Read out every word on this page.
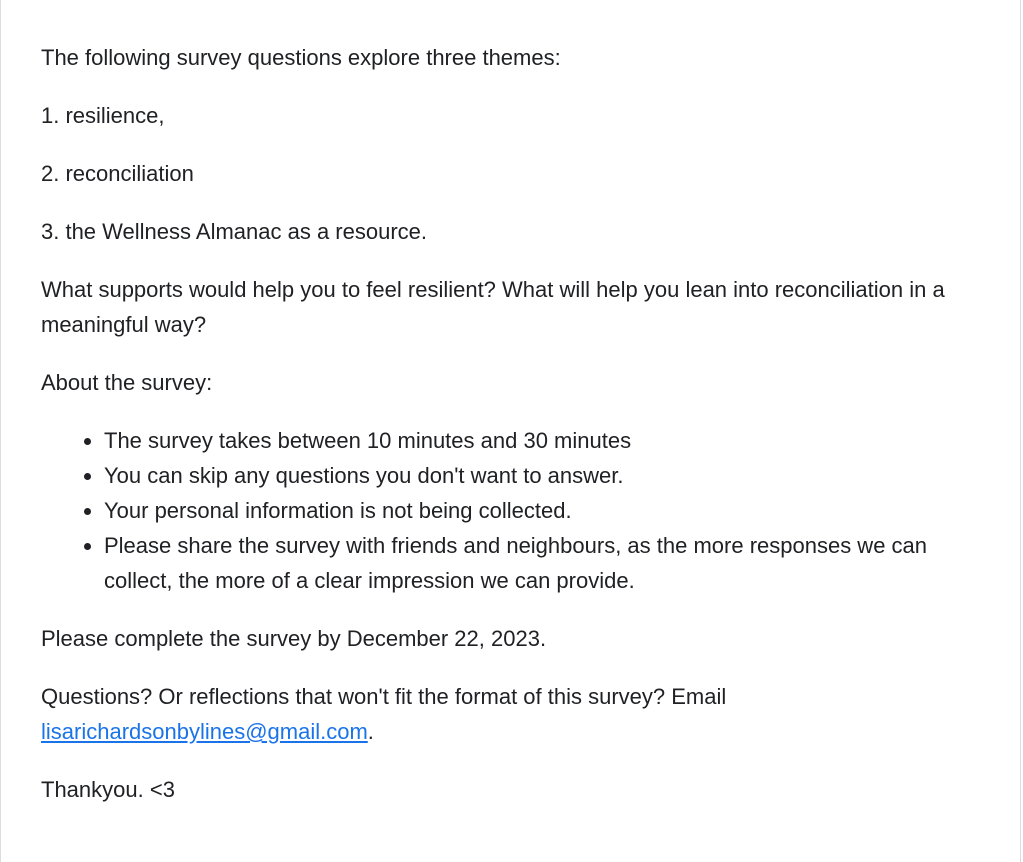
The following survey questions explore three themes:

1. resilience,

2. reconciliation

3. the Wellness Almanac as a resource.

What supports would help you to feel resilient? What will help you lean into reconciliation in a meaningful way?

About the survey:

• The survey takes between 10 minutes and 30 minutes
• You can skip any questions you don't want to answer.
• Your personal information is not being collected.
• Please share the survey with friends and neighbours, as the more responses we can collect, the more of a clear impression we can provide.

Please complete the survey by December 22, 2023.

Questions? Or reflections that won't fit the format of this survey? Email lisarichardsonbylines@gmail.com.

Thankyou. <3
